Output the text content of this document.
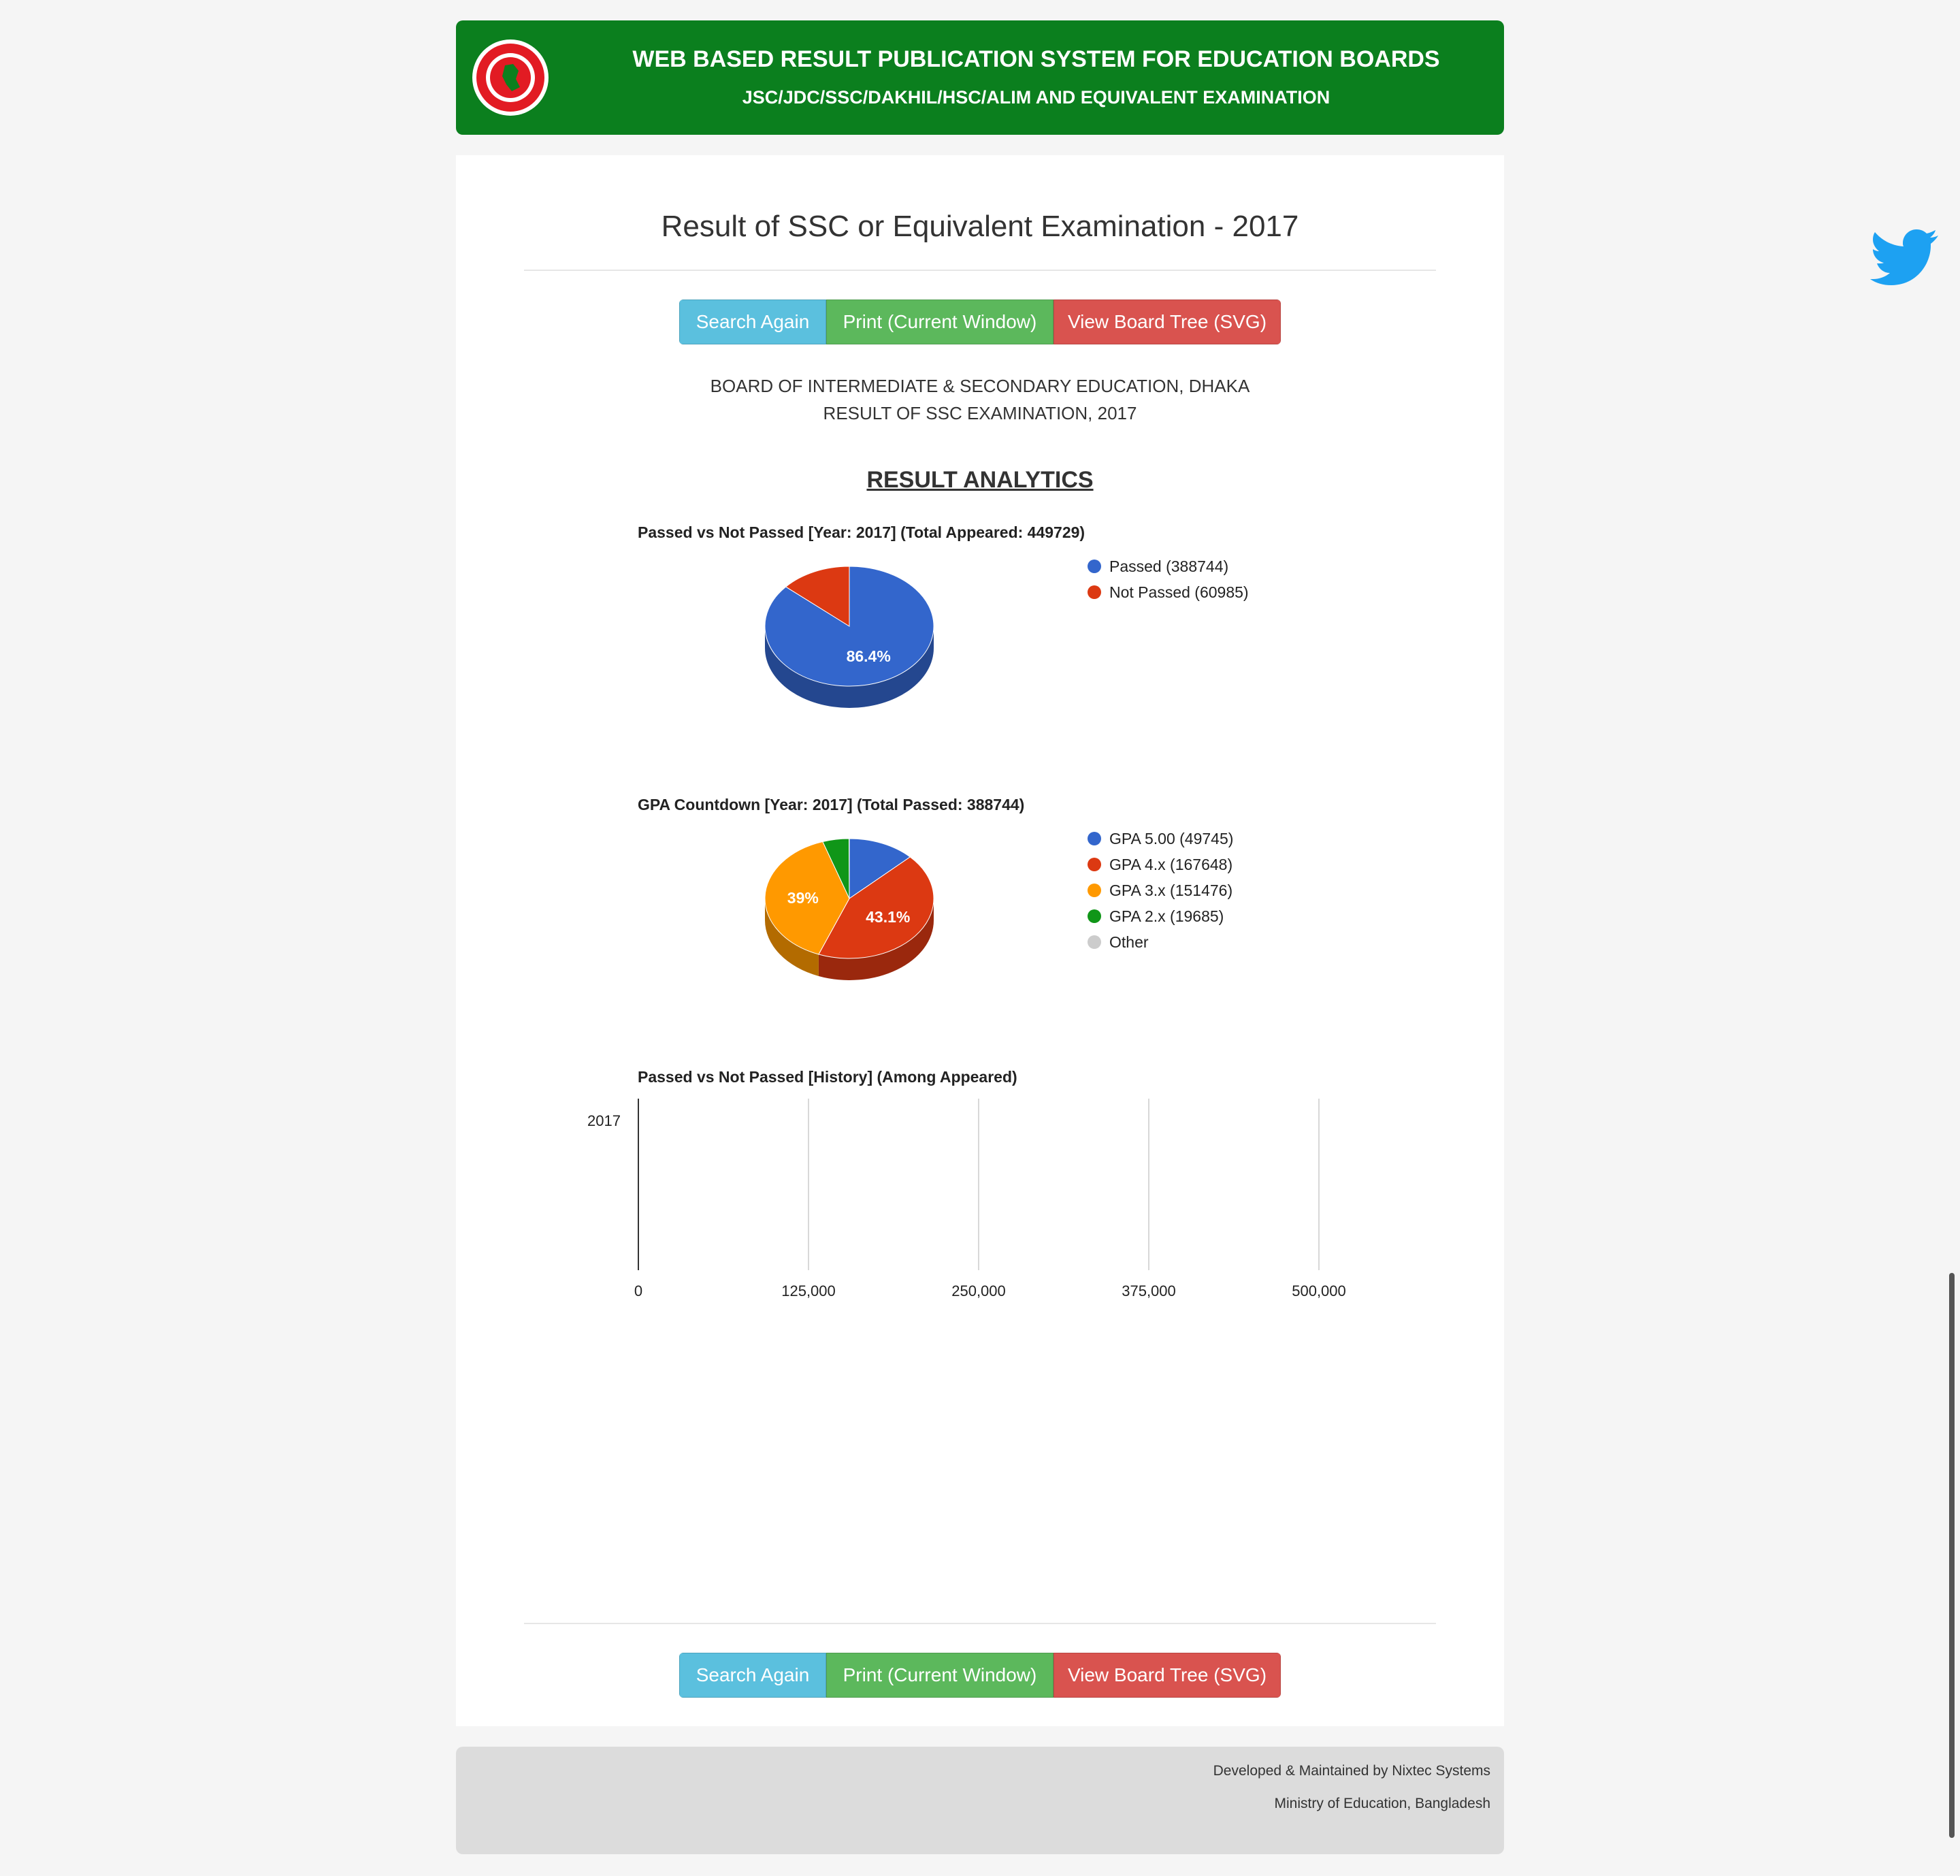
WEB BASED RESULT PUBLICATION SYSTEM FOR EDUCATION BOARDS
JSC/JDC/SSC/DAKHIL/HSC/ALIM AND EQUIVALENT EXAMINATION
Result of SSC or Equivalent Examination - 2017
Search Again	Print (Current Window)	View Board Tree (SVG)
BOARD OF INTERMEDIATE & SECONDARY EDUCATION, DHAKA
RESULT OF SSC EXAMINATION, 2017
RESULT ANALYTICS
Search Again	Print (Current Window)	View Board Tree (SVG)
Developed & Maintained by Nixtec Systems
Ministry of Education, Bangladesh
Passed vs Not Passed [Year: 2017] (Total Appeared: 449729)
86.4%
Passed (388744)
Not Passed (60985)
GPA Countdown [Year: 2017] (Total Passed: 388744)
43.1%
39%
GPA 5.00 (49745)
GPA 4.x (167648)
GPA 3.x (151476)
GPA 2.x (19685)
Other
Passed vs Not Passed [History] (Among Appeared)
0	125,000	250,000	375,000	500,000
2017
